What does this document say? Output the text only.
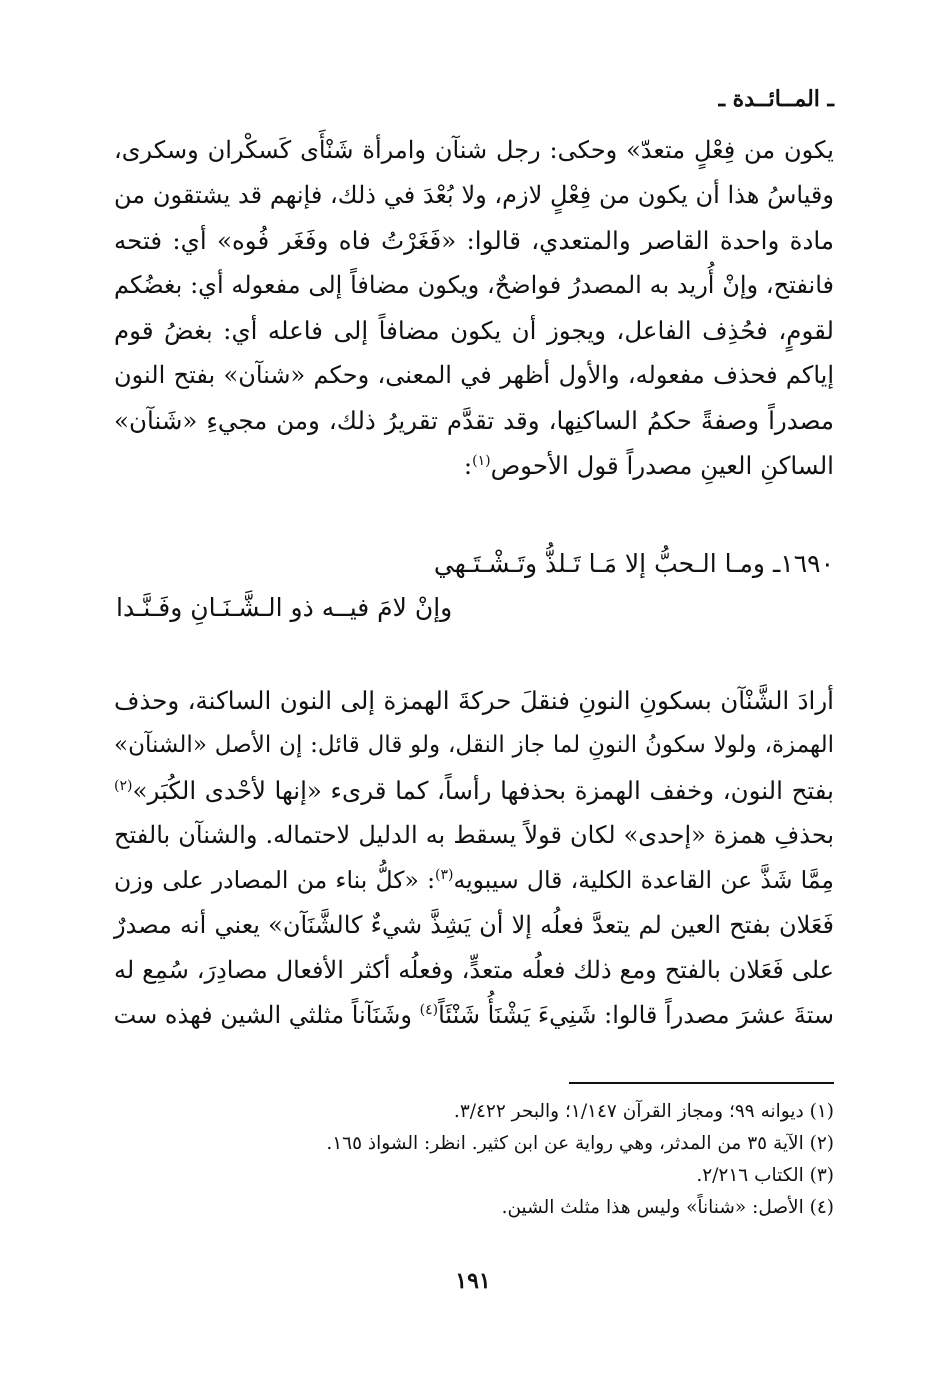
ـ المــائــدة ـ
يكون من فِعْلٍ متعدّ» وحكى: رجل شنآن وامرأة شَنْأَى كَسكْران وسكرى،
وقياسُ هذا أن يكون من فِعْلٍ لازم، ولا بُعْدَ في ذلك، فإنهم قد يشتقون من
مادة واحدة القاصر والمتعدي، قالوا: «فَغَرْتُ فاه وفَغَر فُوه» أي: فتحه
فانفتح، وإنْ أُريد به المصدرُ فواضحٌ، ويكون مضافاً إلى مفعوله أي: بغضُكم
لقومٍ، فحُذِف الفاعل، ويجوز أن يكون مضافاً إلى فاعله أي: بغضُ قوم
إياكم فحذف مفعوله، والأول أظهر في المعنى، وحكم «شنآن» بفتح النون
مصدراً وصفةً حكمُ الساكنِها، وقد تقدَّم تقريرُ ذلك، ومن مجيءِ «شَنآن»
الساكنِ العينِ مصدراً قول الأحوص$^{(١)}$:
١٦٩٠ـ ومـا الـحبُّ إلا مَـا تَـلذُّ وتَـشْـتَـهي
وإنْ لامَ فيــه ذو الـشَّـنَـانِ وفَـنَّـدا
أرادَ الشَّنْآن بسكونِ النونِ فنقلَ حركةَ الهمزة إلى النون الساكنة، وحذف
الهمزة، ولولا سكونُ النونِ لما جاز النقل، ولو قال قائل: إن الأصل «الشنآن»
بفتح النون، وخفف الهمزة بحذفها رأساً، كما قرىء «إنها لأحْدى الكُبَر»$^{(٢)}$
بحذفِ همزة «إحدى» لكان قولاً يسقط به الدليل لاحتماله. والشنآن بالفتح
مِمَّا شَذَّ عن القاعدة الكلية، قال سيبويه$^{(٣)}$: «كلُّ بناء من المصادر على وزن
فَعَلان بفتح العين لم يتعدَّ فعلُه إلا أن يَشِذَّ شيءٌ كالشَّنَآن» يعني أنه مصدرٌ
على فَعَلان بالفتح ومع ذلك فعلُه متعدٍّ، وفعلُه أكثر الأفعال مصادِرَ، سُمِع له
ستةَ عشرَ مصدراً قالوا: شَنِيءَ يَشْنَأُ شَنْئَاً$^{(٤)}$ وشَنَآناً مثلثي الشين فهذه ست
(١) ديوانه ٩٩؛ ومجاز القرآن ١/١٤٧؛ والبحر ٣/٤٢٢.
(٢) الآية ٣٥ من المدثر، وهي رواية عن ابن كثير. انظر: الشواذ ١٦٥.
(٣) الكتاب ٢/٢١٦.
(٤) الأصل: «شناناً» وليس هذا مثلث الشين.
١٩١
